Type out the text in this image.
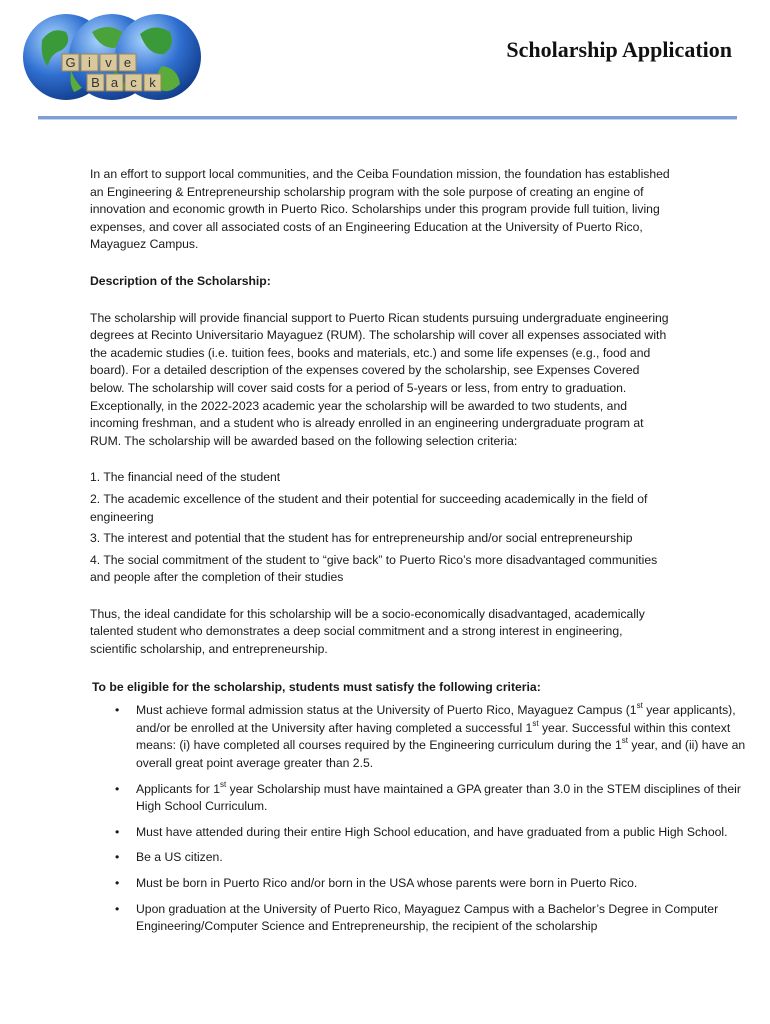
G i v e
B a c k
Scholarship Application

In an effort to support local communities, and the Ceiba Foundation mission, the foundation has established an Engineering & Entrepreneurship scholarship program with the sole purpose of creating an engine of innovation and economic growth in Puerto Rico. Scholarships under this program provide full tuition, living expenses, and cover all associated costs of an Engineering Education at the University of Puerto Rico, Mayaguez Campus.

Description of the Scholarship:

The scholarship will provide financial support to Puerto Rican students pursuing undergraduate engineering degrees at Recinto Universitario Mayaguez (RUM). The scholarship will cover all expenses associated with the academic studies (i.e. tuition fees, books and materials, etc.) and some life expenses (e.g., food and board). For a detailed description of the expenses covered by the scholarship, see Expenses Covered below. The scholarship will cover said costs for a period of 5-years or less, from entry to graduation. Exceptionally, in the 2022-2023 academic year the scholarship will be awarded to two students, and incoming freshman, and a student who is already enrolled in an engineering undergraduate program at RUM. The scholarship will be awarded based on the following selection criteria:

1. The financial need of the student
2. The academic excellence of the student and their potential for succeeding academically in the field of engineering
3. The interest and potential that the student has for entrepreneurship and/or social entrepreneurship
4. The social commitment of the student to “give back” to Puerto Rico’s more disadvantaged communities and people after the completion of their studies

Thus, the ideal candidate for this scholarship will be a socio-economically disadvantaged, academically talented student who demonstrates a deep social commitment and a strong interest in engineering, scientific scholarship, and entrepreneurship.

To be eligible for the scholarship, students must satisfy the following criteria:

• Must achieve formal admission status at the University of Puerto Rico, Mayaguez Campus (1st year applicants), and/or be enrolled at the University after having completed a successful 1st year. Successful within this context means: (i) have completed all courses required by the Engineering curriculum during the 1st year, and (ii) have an overall great point average greater than 2.5.
• Applicants for 1st year Scholarship must have maintained a GPA greater than 3.0 in the STEM disciplines of their High School Curriculum.
• Must have attended during their entire High School education, and have graduated from a public High School.
• Be a US citizen.
• Must be born in Puerto Rico and/or born in the USA whose parents were born in Puerto Rico.
• Upon graduation at the University of Puerto Rico, Mayaguez Campus with a Bachelor’s Degree in Computer Engineering/Computer Science and Entrepreneurship, the recipient of the scholarship
